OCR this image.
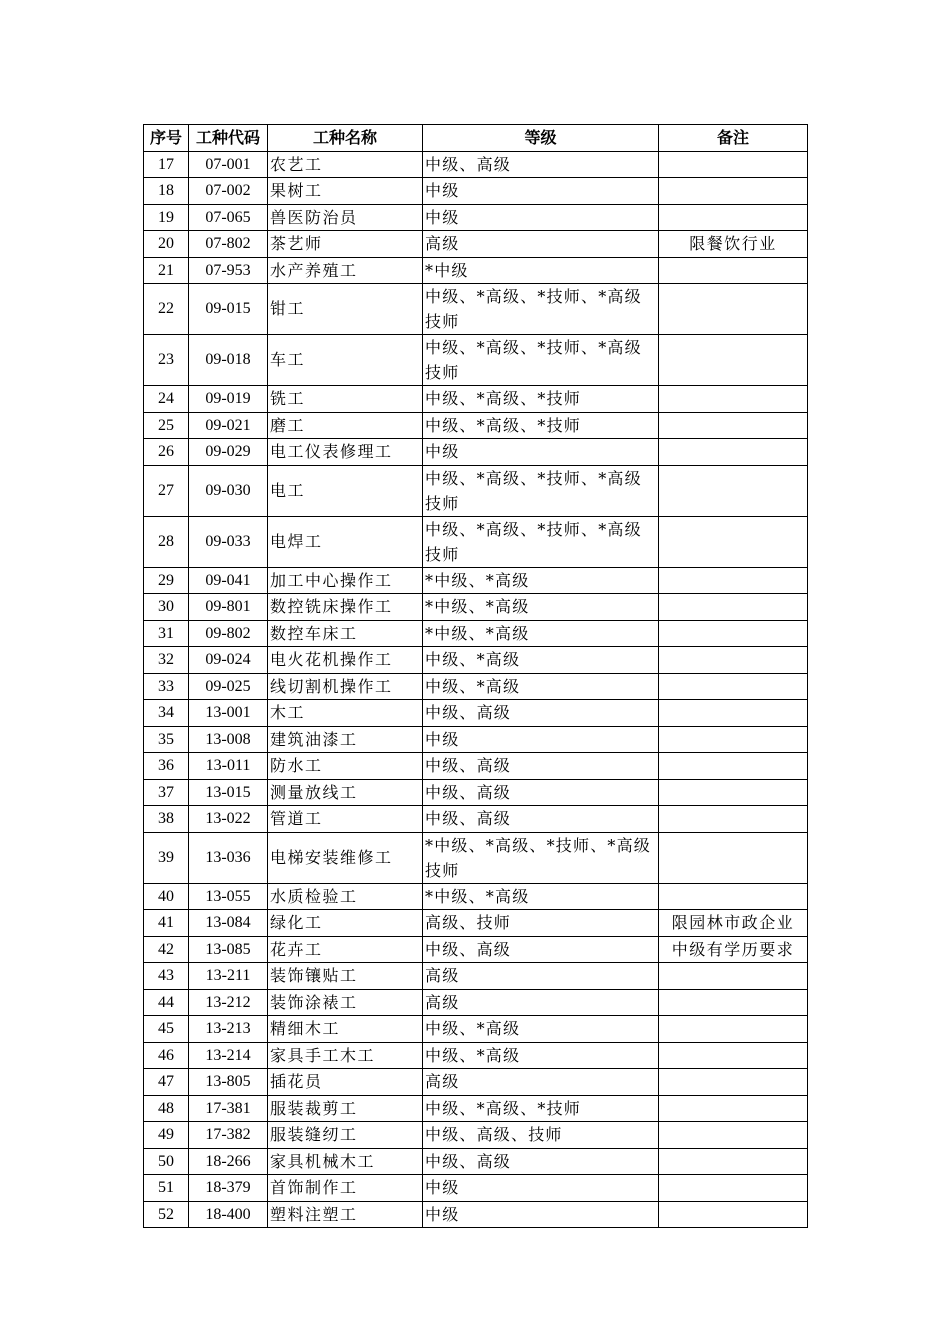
序号	工种代码	工种名称	等级	备注
17	07-001	农艺工	中级、高级	
18	07-002	果树工	中级	
19	07-065	兽医防治员	中级	
20	07-802	茶艺师	高级	限餐饮行业
21	07-953	水产养殖工	*中级	
22	09-015	钳工	中级、*高级、*技师、*高级技师	
23	09-018	车工	中级、*高级、*技师、*高级技师	
24	09-019	铣工	中级、*高级、*技师	
25	09-021	磨工	中级、*高级、*技师	
26	09-029	电工仪表修理工	中级	
27	09-030	电工	中级、*高级、*技师、*高级技师	
28	09-033	电焊工	中级、*高级、*技师、*高级技师	
29	09-041	加工中心操作工	*中级、*高级	
30	09-801	数控铣床操作工	*中级、*高级	
31	09-802	数控车床工	*中级、*高级	
32	09-024	电火花机操作工	中级、*高级	
33	09-025	线切割机操作工	中级、*高级	
34	13-001	木工	中级、高级	
35	13-008	建筑油漆工	中级	
36	13-011	防水工	中级、高级	
37	13-015	测量放线工	中级、高级	
38	13-022	管道工	中级、高级	
39	13-036	电梯安装维修工	*中级、*高级、*技师、*高级技师	
40	13-055	水质检验工	*中级、*高级	
41	13-084	绿化工	高级、技师	限园林市政企业
42	13-085	花卉工	中级、高级	中级有学历要求
43	13-211	装饰镶贴工	高级	
44	13-212	装饰涂裱工	高级	
45	13-213	精细木工	中级、*高级	
46	13-214	家具手工木工	中级、*高级	
47	13-805	插花员	高级	
48	17-381	服装裁剪工	中级、*高级、*技师	
49	17-382	服装缝纫工	中级、高级、技师	
50	18-266	家具机械木工	中级、高级	
51	18-379	首饰制作工	中级	
52	18-400	塑料注塑工	中级	
